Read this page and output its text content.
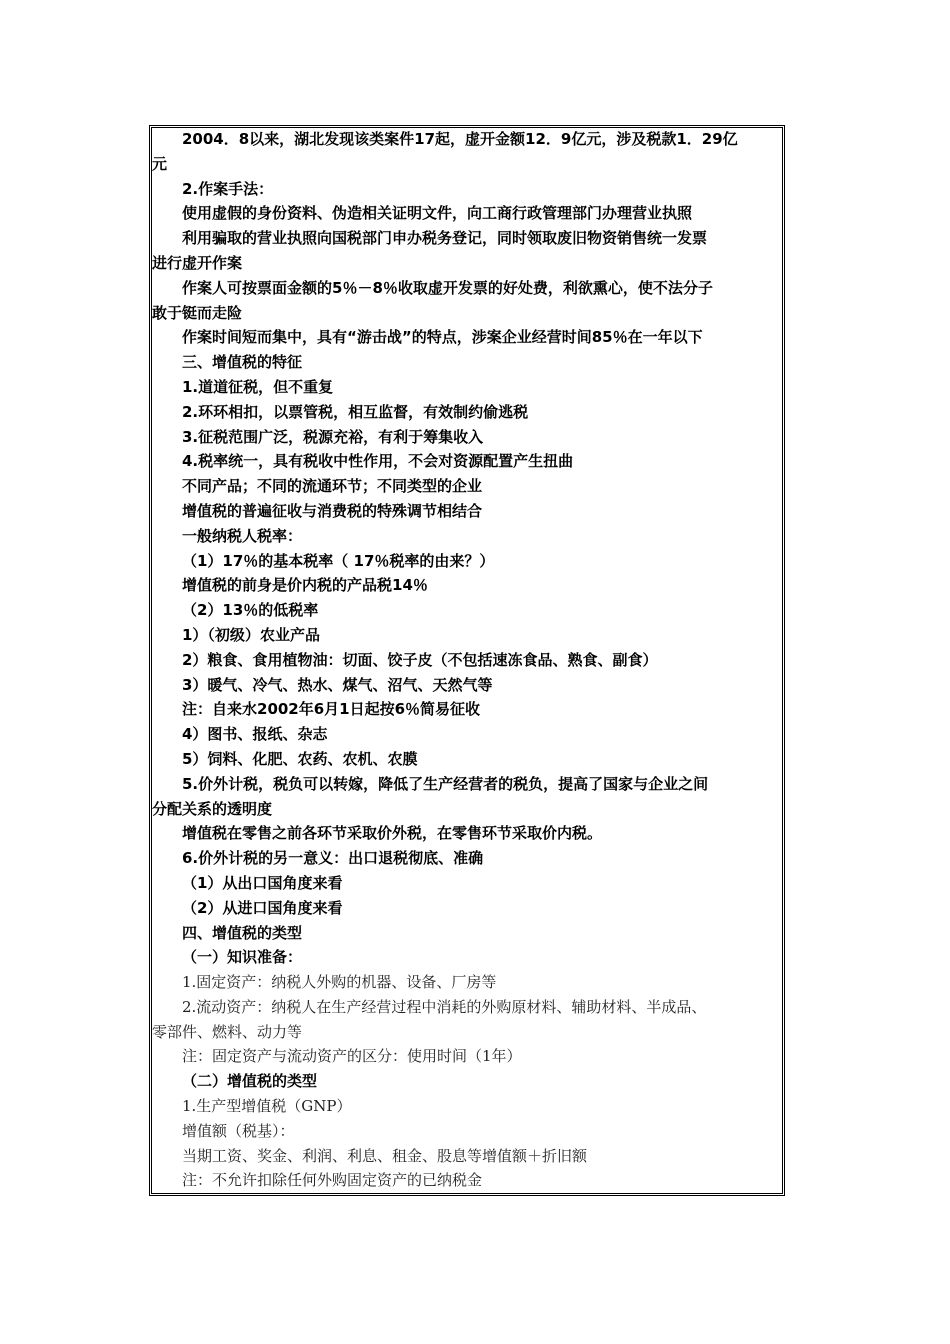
2004．8以来，湖北发现该类案件17起，虚开金额12．9亿元，涉及税款1．29亿
元
2.作案手法：
使用虚假的身份资料、伪造相关证明文件，向工商行政管理部门办理营业执照
利用骗取的营业执照向国税部门申办税务登记，同时领取废旧物资销售统一发票
进行虚开作案
作案人可按票面金额的5％－8％收取虚开发票的好处费，利欲熏心，使不法分子
敢于铤而走险
作案时间短而集中，具有“游击战”的特点，涉案企业经营时间85％在一年以下
三、增值税的特征
1.道道征税，但不重复
2.环环相扣，以票管税，相互监督，有效制约偷逃税
3.征税范围广泛，税源充裕，有利于筹集收入
4.税率统一，具有税收中性作用，不会对资源配置产生扭曲
不同产品；不同的流通环节；不同类型的企业
增值税的普遍征收与消费税的特殊调节相结合
一般纳税人税率：
（1）17％的基本税率（ 17％税率的由来？）
增值税的前身是价内税的产品税14％
（2）13％的低税率
1）（初级）农业产品
2）粮食、食用植物油：切面、饺子皮（不包括速冻食品、熟食、副食）
3）暖气、冷气、热水、煤气、沼气、天然气等
注：自来水2002年6月1日起按6％简易征收
4）图书、报纸、杂志
5）饲料、化肥、农药、农机、农膜
5.价外计税，税负可以转嫁，降低了生产经营者的税负，提高了国家与企业之间
分配关系的透明度
增值税在零售之前各环节采取价外税，在零售环节采取价内税。
6.价外计税的另一意义：出口退税彻底、准确
（1）从出口国角度来看
（2）从进口国角度来看
四、增值税的类型
（一）知识准备：
1.固定资产：纳税人外购的机器、设备、厂房等
2.流动资产：纳税人在生产经营过程中消耗的外购原材料、辅助材料、半成品、
零部件、燃料、动力等
注：固定资产与流动资产的区分：使用时间（1年）
（二）增值税的类型
1.生产型增值税（GNP）
增值额（税基）：
当期工资、奖金、利润、利息、租金、股息等增值额＋折旧额
注：不允许扣除任何外购固定资产的已纳税金
